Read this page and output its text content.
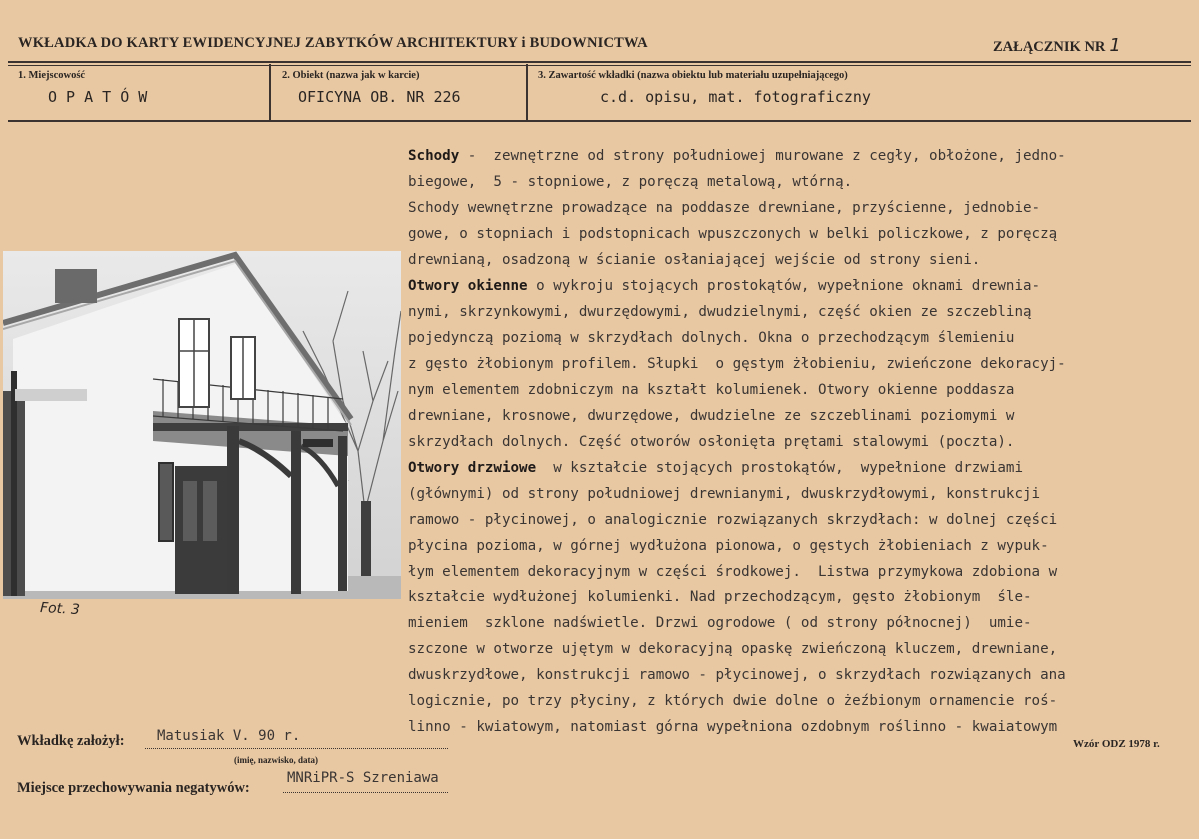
WKŁADKA DO KARTY EWIDENCYJNEJ ZABYTKÓW ARCHITEKTURY i BUDOWNICTWA	ZAŁĄCZNIK NR 1
1. Miejscowość
O P A T Ó W
2. Obiekt (nazwa jak w karcie)
OFICYNA OB. NR 226
3. Zawartość wkładki (nazwa obiektu lub materiału uzupełniającego)
c.d. opisu, mat. fotograficzny
Fot. 3
Schody -  zewnętrzne od strony południowej murowane z cegły, obłożone, jedno-
biegowe,  5 - stopniowe, z poręczą metalową, wtórną.
Schody wewnętrzne prowadzące na poddasze drewniane, przyścienne, jednobie-
gowe, o stopniach i podstopnicach wpuszczonych w belki policzkowe, z poręczą
drewnianą, osadzoną w ścianie osłaniającej wejście od strony sieni.
Otwory okienne o wykroju stojących prostokątów, wypełnione oknami drewnia-
nymi, skrzynkowymi, dwurzędowymi, dwudzielnymi, część okien ze szczebliną
pojedynczą poziomą w skrzydłach dolnych. Okna o przechodzącym ślemieniu
z gęsto żłobionym profilem. Słupki  o gęstym żłobieniu, zwieńczone dekoracyj-
nym elementem zdobniczym na kształt kolumienek. Otwory okienne poddasza
drewniane, krosnowe, dwurzędowe, dwudzielne ze szczeblinami poziomymi w
skrzydłach dolnych. Część otworów osłonięta prętami stalowymi (poczta).
Otwory drzwiowe  w kształcie stojących prostokątów,  wypełnione drzwiami
(głównymi) od strony południowej drewnianymi, dwuskrzydłowymi, konstrukcji
ramowo - płycinowej, o analogicznie rozwiązanych skrzydłach: w dolnej części
płycina pozioma, w górnej wydłużona pionowa, o gęstych żłobieniach z wypuk-
łym elementem dekoracyjnym w części środkowej.  Listwa przymykowa zdobiona w
kształcie wydłużonej kolumienki. Nad przechodzącym, gęsto żłobionym  śle-
mieniem  szklone nadświetle. Drzwi ogrodowe ( od strony północnej)  umie-
szczone w otworze ujętym w dekoracyjną opaskę zwieńczoną kluczem, drewniane,
dwuskrzydłowe, konstrukcji ramowo - płycinowej, o skrzydłach rozwiązanych ana
logicznie, po trzy płyciny, z których dwie dolne o żeźbionym ornamencie roś-
linno - kwiatowym, natomiast górna wypełniona ozdobnym roślinno - kwaiatowym
Wkładkę założył: Matusiak V. 90 r.
(imię, nazwisko, data)
Miejsce przechowywania negatywów:
MNRiPR-S Szreniawa
Wzór ODZ 1978 r.
